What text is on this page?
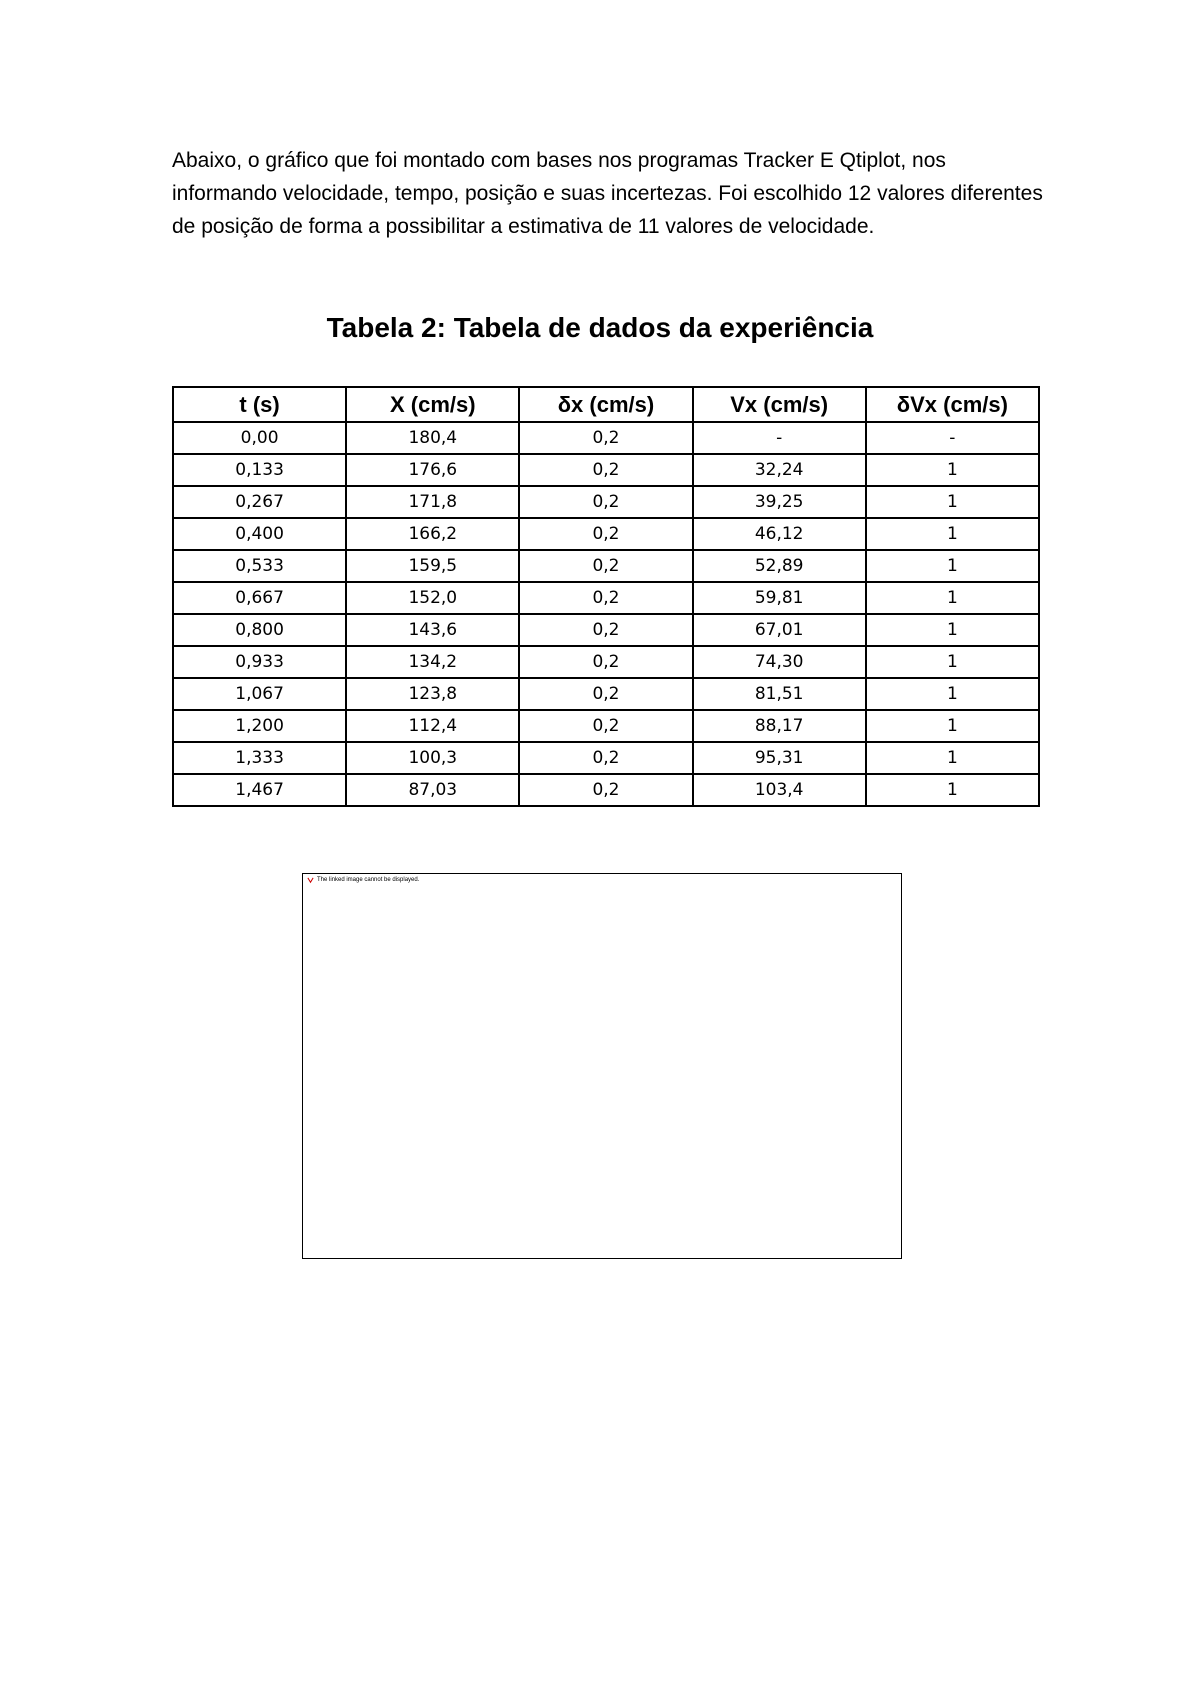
Abaixo, o gráfico que foi montado com bases nos programas Tracker E Qtiplot, nos informando velocidade, tempo, posição e suas incertezas. Foi escolhido 12 valores diferentes de posição de forma a possibilitar a estimativa de 11 valores de velocidade.

Tabela 2: Tabela de dados da experiência
t (s)	X (cm/s)	δx (cm/s)	Vx (cm/s)	δVx (cm/s)
0,00	180,4	0,2	-	-
0,133	176,6	0,2	32,24	1
0,267	171,8	0,2	39,25	1
0,400	166,2	0,2	46,12	1
0,533	159,5	0,2	52,89	1
0,667	152,0	0,2	59,81	1
0,800	143,6	0,2	67,01	1
0,933	134,2	0,2	74,30	1
1,067	123,8	0,2	81,51	1
1,200	112,4	0,2	88,17	1
1,333	100,3	0,2	95,31	1
1,467	87,03	0,2	103,4	1
The linked image cannot be displayed.
